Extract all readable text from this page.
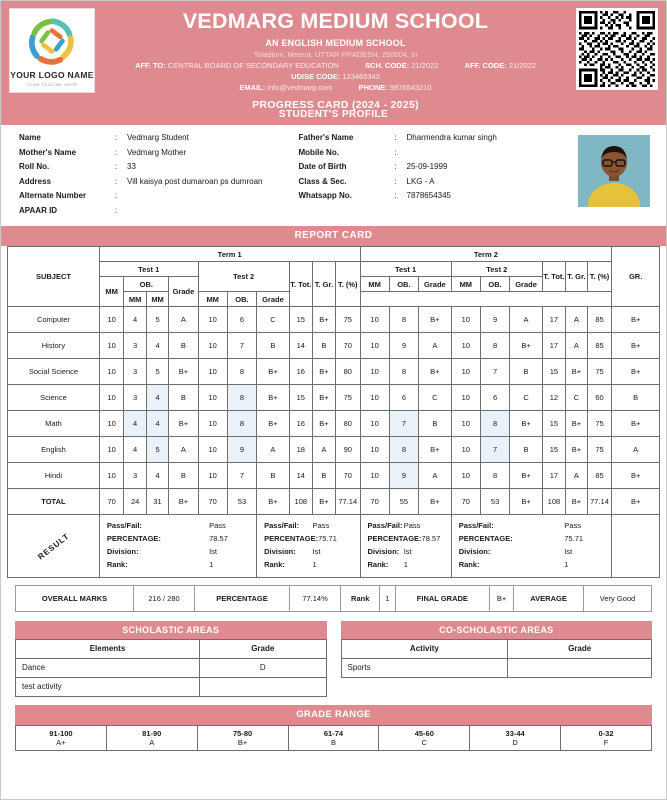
YOUR LOGO NAME
YOUR TAGLINE HERE
VEDMARG MEDIUM SCHOOL
AN ENGLISH MEDIUM SCHOOL
Toladinni, Meerut, UTTAR PRADESH, 250004, In
AFF. TO: CENTRAL BOARD OF SECONDARY EDUCATION	SCH. CODE: 21/2022	AFF. CODE: 21/2022
UDISE CODE: 123465342
EMAIL: info@vedmarg.com	PHONE: 9876543210
PROGRESS CARD (2024 - 2025)
STUDENT'S PROFILE
Name	:	Vedmarg Student
Mother's Name	:	Vedmarg Mother
Roll No.	:	33
Address	:	Vill kaisya post dumaroan ps dumroan
Alternate Number	:
APAAR ID	:
Father's Name	:	Dharmendra kumar singh
Mobile No.	:
Date of Birth	:	25-09-1999
Class & Sec.	:	LKG - A
Whatsapp No.	:	7878654345
REPORT CARD
SUBJECT	Term 1										Term 2									GR.
	Test 1				Test 2			T. Tot.	T. Gr.	T. (%)	Test 1			Test 2			T. Tot.	T. Gr.	T. (%)	
	MM	OB.		Grade							MM	OB.	Grade	MM	OB.	Grade				
		MM	MM		MM	OB.	Grade													
Computer	10	4	5	A	10	6	C	15	B+	75	10	8	B+	10	9	A	17	A	85	B+
History	10	3	4	B	10	7	B	14	B	70	10	9	A	10	8	B+	17	A	85	B+
Social Science	10	3	5	B+	10	8	B+	16	B+	80	10	8	B+	10	7	B	15	B+	75	B+
Science	10	3	4	B	10	8	B+	15	B+	75	10	6	C	10	6	C	12	C	60	B
Math	10	4	4	B+	10	8	B+	16	B+	80	10	7	B	10	8	B+	15	B+	75	B+
English	10	4	5	A	10	9	A	18	A	90	10	8	B+	10	7	B	15	B+	75	A
Hindi	10	3	4	B	10	7	B	14	B	70	10	9	A	10	8	B+	17	A	85	B+
TOTAL	70	24	31	B+	70	53	B+	108	B+	77.14	70	55	B+	70	53	B+	108	B+	77.14	B+

RESULT

Pass/Fail:	Pass
PERCENTAGE:	78.57
Division:	Ist
Rank:	1

Pass/Fail:	Pass
PERCENTAGE: 75.71
Division:	Ist
Rank:	1

Pass/Fail: Pass
PERCENTAGE: 78.57
Division: Ist
Rank:	1

Pass/Fail:	Pass
PERCENTAGE:	75.71
Division:	Ist
Rank:	1

OVERALL MARKS	216 / 280	PERCENTAGE	77.14%	Rank	1	FINAL GRADE	B+	AVERAGE	Very Good
SCHOLASTIC AREAS
Elements	Grade
Dance	D
test activity	
CO-SCHOLASTIC AREAS
Activity	Grade
Sports	
GRADE RANGE
91-100
A+

81-90
A

75-80
B+

61-74
B

45-60
C

33-44
D

0-32
F
